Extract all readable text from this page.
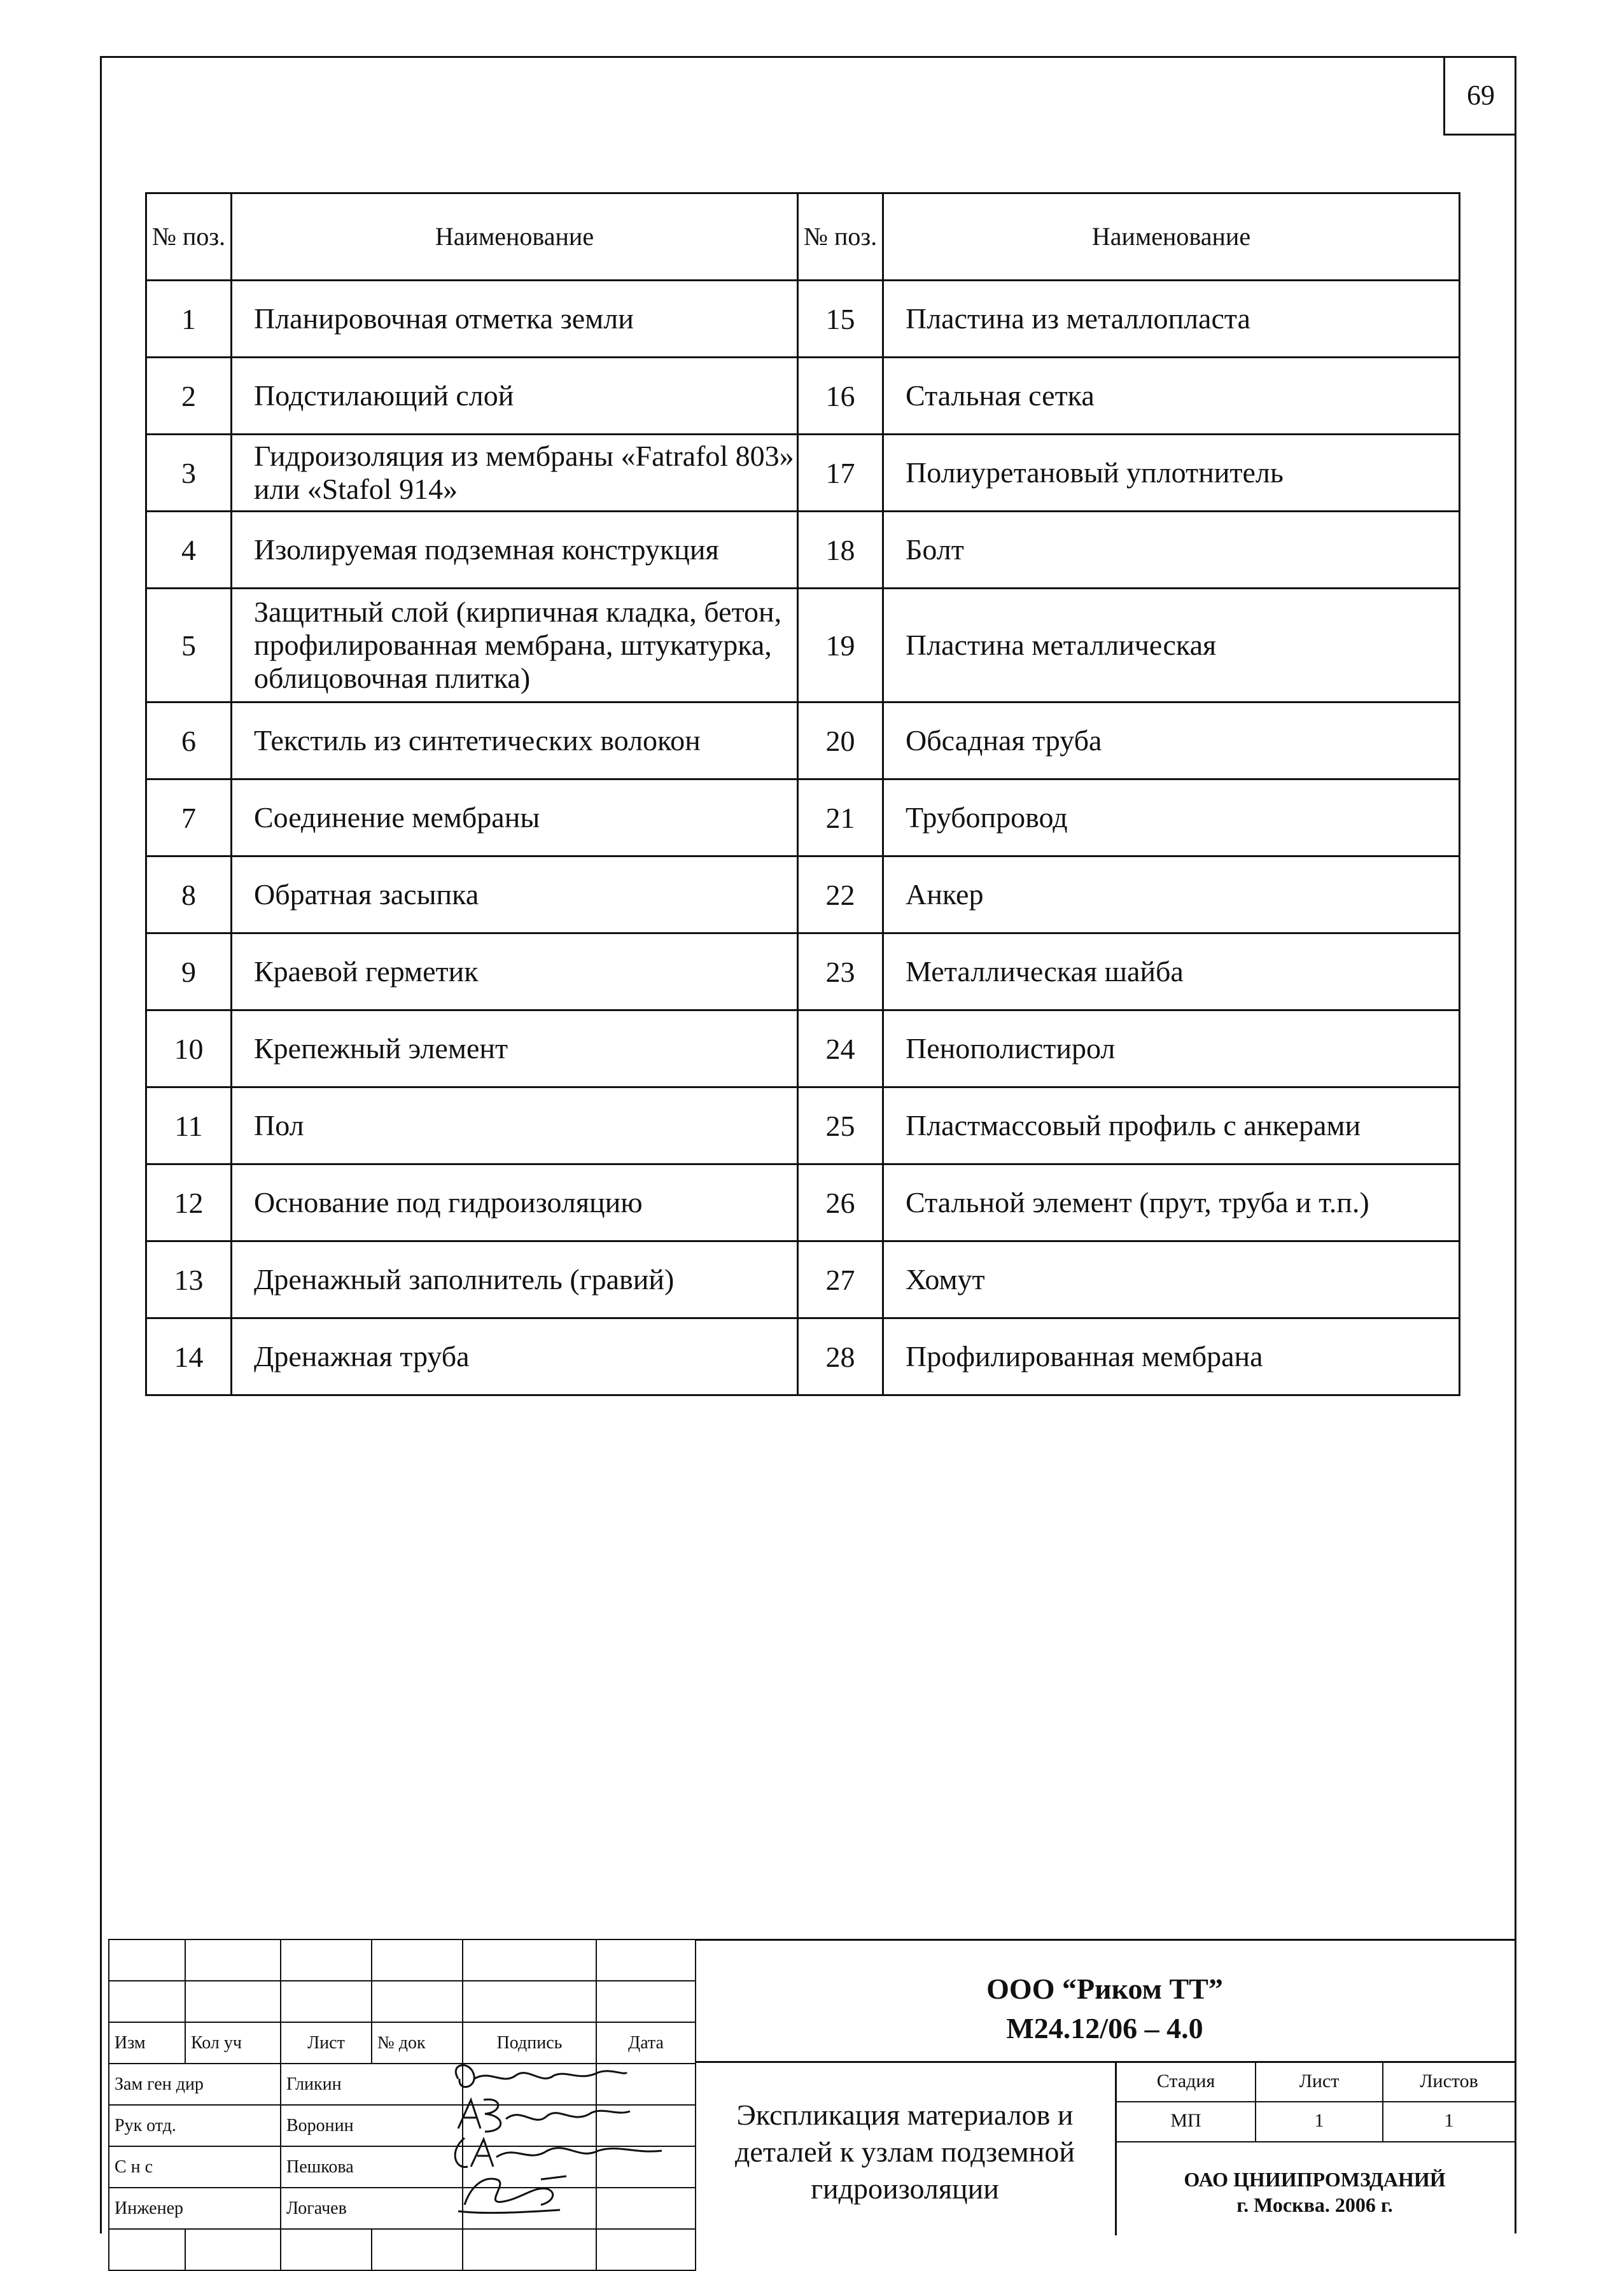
69
№ поз.	Наименование	№ поз.	Наименование
1	Планировочная отметка земли	15	Пластина из металлопласта
2	Подстилающий слой	16	Стальная сетка
3	Гидроизоляция из мембраны «Fatrafol 803» или «Stafol 914»	17	Полиуретановый уплотнитель
4	Изолируемая подземная конструкция	18	Болт
5	Защитный слой (кирпичная кладка, бетон, профилированная мембрана, штукатурка, облицовочная плитка)	19	Пластина металлическая
6	Текстиль из синтетических волокон	20	Обсадная труба
7	Соединение мембраны	21	Трубопровод
8	Обратная засыпка	22	Анкер
9	Краевой герметик	23	Металлическая шайба
10	Крепежный элемент	24	Пенополистирол
11	Пол	25	Пластмассовый профиль с анкерами
12	Основание под гидроизоляцию	26	Стальной элемент (прут, труба и т.п.)
13	Дренажный заполнитель (гравий)	27	Хомут
14	Дренажная труба	28	Профилированная мембрана

Изм	Кол уч	Лист	№ док	Подпись	Дата
Зам ген дир		Гликин			
Рук отд.		Воронин			
С н с		Пешкова			
Инженер		Логачев			

ООО “Риком ТТ”
М24.12/06 – 4.0
Экспликация материалов и деталей к узлам подземной гидроизоляции
Стадия	Лист	Листов
МП	1	1
ОАО ЦНИИПРОМЗДАНИЙ
г. Москва. 2006 г.
